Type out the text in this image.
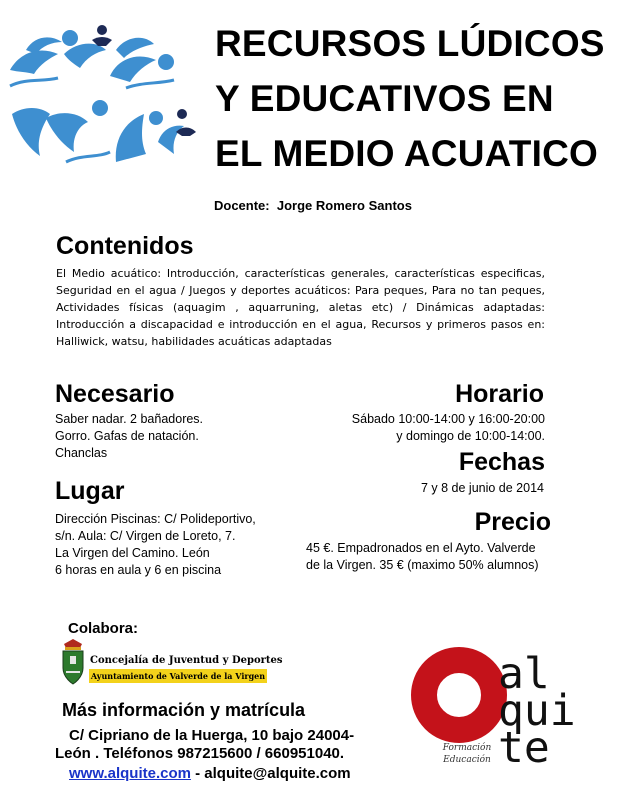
RECURSOS LÚDICOS
Y EDUCATIVOS EN
EL MEDIO ACUATICO
Docente: Jorge Romero Santos
Contenidos
El Medio acuático: Introducción, características generales, características especificas, Seguridad en el agua / Juegos y deportes acuáticos: Para peques, Para no tan peques, Actividades físicas (aquagim , aquarruning, aletas etc) / Dinámicas adaptadas: Introducción a discapacidad e introducción en el agua, Recursos y primeros pasos en: Halliwick, watsu, habilidades acuáticas adaptadas
Necesario
Saber nadar. 2 bañadores.
Gorro. Gafas de natación.
Chanclas
Lugar
Dirección Piscinas: C/ Polideportivo,
s/n. Aula: C/ Virgen de Loreto, 7.
La Virgen del Camino. León
6 horas en aula y 6 en piscina
Horario
Sábado 10:00-14:00 y 16:00-20:00
y domingo de 10:00-14:00.
Fechas
7 y 8 de junio de 2014
Precio
45 €. Empadronados en el Ayto. Valverde
de la Virgen. 35 € (maximo 50% alumnos)
Colabora:
Concejalía de Juventud y Deportes
Ayuntamiento de Valverde de la Virgen
Más información y matrícula
C/ Cipriano de la Huerga, 10 bajo 24004-
León . Teléfonos 987215600 / 660951040.
www.alquite.com - alquite@alquite.com
al
qui
te
Formación
Educación
